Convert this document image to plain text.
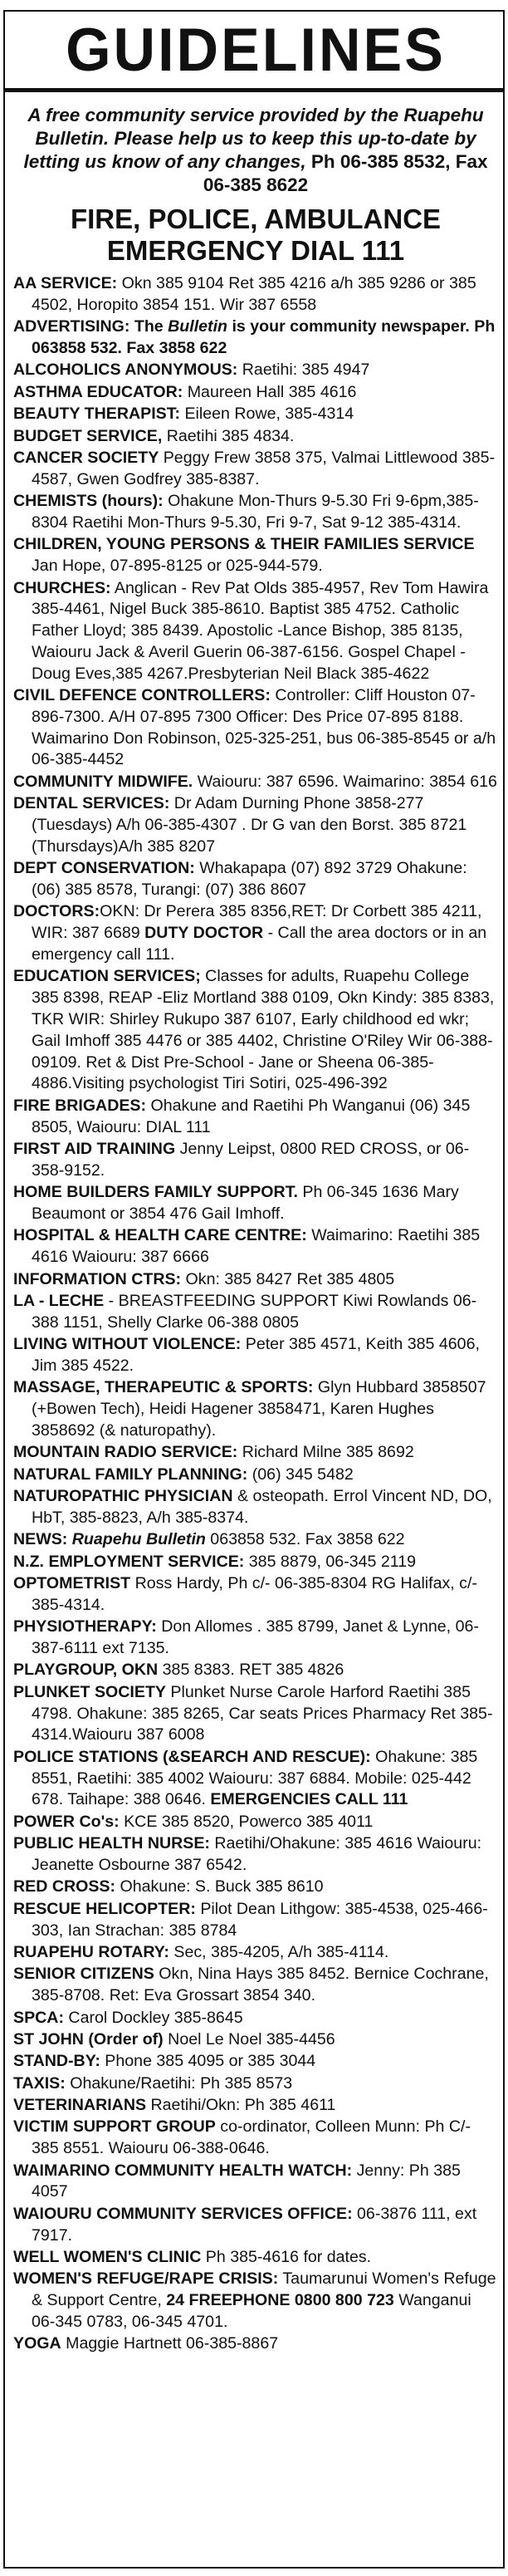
GUIDELINES
A free community service provided by the Ruapehu Bulletin. Please help us to keep this up-to-date by letting us know of any changes, Ph 06-385 8532, Fax 06-385 8622
FIRE, POLICE, AMBULANCE
EMERGENCY DIAL 111
AA SERVICE: Okn 385 9104 Ret 385 4216 a/h 385 9286 or 385 4502, Horopito 3854 151. Wir 387 6558
ADVERTISING: The Bulletin is your community newspaper. Ph 063858 532. Fax 3858 622
ALCOHOLICS ANONYMOUS: Raetihi: 385 4947
ASTHMA EDUCATOR: Maureen Hall 385 4616
BEAUTY THERAPIST: Eileen Rowe, 385-4314
BUDGET SERVICE, Raetihi 385 4834.
CANCER SOCIETY Peggy Frew 3858 375, Valmai Littlewood 385-4587, Gwen Godfrey 385-8387.
CHEMISTS (hours): Ohakune Mon-Thurs 9-5.30 Fri 9-6pm,385-8304 Raetihi Mon-Thurs 9-5.30, Fri 9-7, Sat 9-12 385-4314.
CHILDREN, YOUNG PERSONS & THEIR FAMILIES SERVICE Jan Hope, 07-895-8125 or 025-944-579.
CHURCHES: Anglican - Rev Pat Olds 385-4957, Rev Tom Hawira 385-4461, Nigel Buck 385-8610. Baptist 385 4752. Catholic Father Lloyd; 385 8439. Apostolic -Lance Bishop, 385 8135, Waiouru Jack & Averil Guerin 06-387-6156. Gospel Chapel - Doug Eves,385 4267.Presbyterian Neil Black 385-4622
CIVIL DEFENCE CONTROLLERS: Controller: Cliff Houston 07-896-7300. A/H 07-895 7300 Officer: Des Price 07-895 8188. Waimarino Don Robinson, 025-325-251, bus 06-385-8545 or a/h 06-385-4452
COMMUNITY MIDWIFE. Waiouru: 387 6596. Waimarino: 3854 616
DENTAL SERVICES: Dr Adam Durning Phone 3858-277 (Tuesdays) A/h 06-385-4307 . Dr G van den Borst. 385 8721 (Thursdays)A/h 385 8207
DEPT CONSERVATION: Whakapapa (07) 892 3729 Ohakune: (06) 385 8578, Turangi: (07) 386 8607
DOCTORS:OKN: Dr Perera 385 8356,RET: Dr Corbett 385 4211, WIR: 387 6689 DUTY DOCTOR - Call the area doctors or in an emergency call 111.
EDUCATION SERVICES; Classes for adults, Ruapehu College 385 8398, REAP -Eliz Mortland 388 0109, Okn Kindy: 385 8383, TKR WIR: Shirley Rukupo 387 6107, Early childhood ed wkr; Gail Imhoff 385 4476 or 385 4402, Christine O'Riley Wir 06-388-09109. Ret & Dist Pre-School - Jane or Sheena 06-385-4886.Visiting psychologist Tiri Sotiri, 025-496-392
FIRE BRIGADES: Ohakune and Raetihi Ph Wanganui (06) 345 8505, Waiouru: DIAL 111
FIRST AID TRAINING Jenny Leipst, 0800 RED CROSS, or 06-358-9152.
HOME BUILDERS FAMILY SUPPORT. Ph 06-345 1636 Mary Beaumont or 3854 476 Gail Imhoff.
HOSPITAL & HEALTH CARE CENTRE: Waimarino: Raetihi 385 4616 Waiouru: 387 6666
INFORMATION CTRS: Okn: 385 8427 Ret 385 4805
LA - LECHE - BREASTFEEDING SUPPORT Kiwi Rowlands 06-388 1151, Shelly Clarke 06-388 0805
LIVING WITHOUT VIOLENCE: Peter 385 4571, Keith 385 4606, Jim 385 4522.
MASSAGE, THERAPEUTIC & SPORTS: Glyn Hubbard 3858507 (+Bowen Tech), Heidi Hagener 3858471, Karen Hughes 3858692 (& naturopathy).
MOUNTAIN RADIO SERVICE: Richard Milne 385 8692
NATURAL FAMILY PLANNING: (06) 345 5482
NATUROPATHIC PHYSICIAN & osteopath. Errol Vincent ND, DO, HbT, 385-8823, A/h 385-8374.
NEWS: Ruapehu Bulletin 063858 532. Fax 3858 622
N.Z. EMPLOYMENT SERVICE: 385 8879, 06-345 2119
OPTOMETRIST Ross Hardy, Ph c/- 06-385-8304 RG Halifax, c/- 385-4314.
PHYSIOTHERAPY: Don Allomes . 385 8799, Janet & Lynne, 06-387-6111 ext 7135.
PLAYGROUP, OKN 385 8383. RET 385 4826
PLUNKET SOCIETY Plunket Nurse Carole Harford Raetihi 385 4798. Ohakune: 385 8265, Car seats Prices Pharmacy Ret 385-4314.Waiouru 387 6008
POLICE STATIONS (&SEARCH AND RESCUE): Ohakune: 385 8551, Raetihi: 385 4002 Waiouru: 387 6884. Mobile: 025-442 678. Taihape: 388 0646. EMERGENCIES CALL 111
POWER Co's: KCE 385 8520, Powerco 385 4011
PUBLIC HEALTH NURSE: Raetihi/Ohakune: 385 4616 Waiouru: Jeanette Osbourne 387 6542.
RED CROSS: Ohakune: S. Buck 385 8610
RESCUE HELICOPTER: Pilot Dean Lithgow: 385-4538, 025-466-303, Ian Strachan: 385 8784
RUAPEHU ROTARY: Sec, 385-4205, A/h 385-4114.
SENIOR CITIZENS Okn, Nina Hays 385 8452. Bernice Cochrane, 385-8708. Ret: Eva Grossart 3854 340.
SPCA: Carol Dockley 385-8645
ST JOHN (Order of) Noel Le Noel 385-4456
STAND-BY: Phone 385 4095 or 385 3044
TAXIS: Ohakune/Raetihi: Ph 385 8573
VETERINARIANS Raetihi/Okn: Ph 385 4611
VICTIM SUPPORT GROUP co-ordinator, Colleen Munn: Ph C/- 385 8551. Waiouru 06-388-0646.
WAIMARINO COMMUNITY HEALTH WATCH: Jenny: Ph 385 4057
WAIOURU COMMUNITY SERVICES OFFICE: 06-3876 111, ext 7917.
WELL WOMEN'S CLINIC Ph 385-4616 for dates.
WOMEN'S REFUGE/RAPE CRISIS: Taumarunui Women's Refuge & Support Centre, 24 FREEPHONE 0800 800 723 Wanganui 06-345 0783, 06-345 4701.
YOGA Maggie Hartnett 06-385-8867
